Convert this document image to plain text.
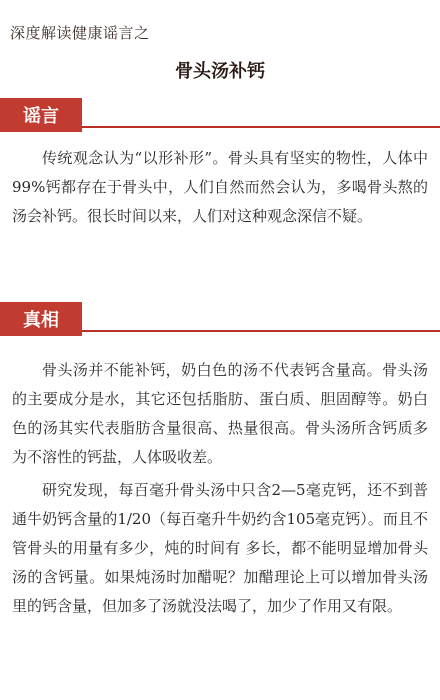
深度解读健康谣言之
骨头汤补钙
谣言

传统观念认为“以形补形”。骨头具有坚实的物性，人体中99%钙都存在于骨头中，人们自然而然会认为，多喝骨头熬的汤会补钙。很长时间以来，人们对这种观念深信不疑。

真相

骨头汤并不能补钙，奶白色的汤不代表钙含量高。骨头汤的主要成分是水，其它还包括脂肪、蛋白质、胆固醇等。奶白色的汤其实代表脂肪含量很高、热量很高。骨头汤所含钙质多为不溶性的钙盐，人体吸收差。

研究发现，每百毫升骨头汤中只含2—5毫克钙，还不到普通牛奶钙含量的1/20（每百毫升牛奶约含105毫克钙）。而且不管骨头的用量有多少，炖的时间有 多长，都不能明显增加骨头汤的含钙量。如果炖汤时加醋呢？加醋理论上可以增加骨头汤里的钙含量，但加多了汤就没法喝了，加少了作用又有限。
